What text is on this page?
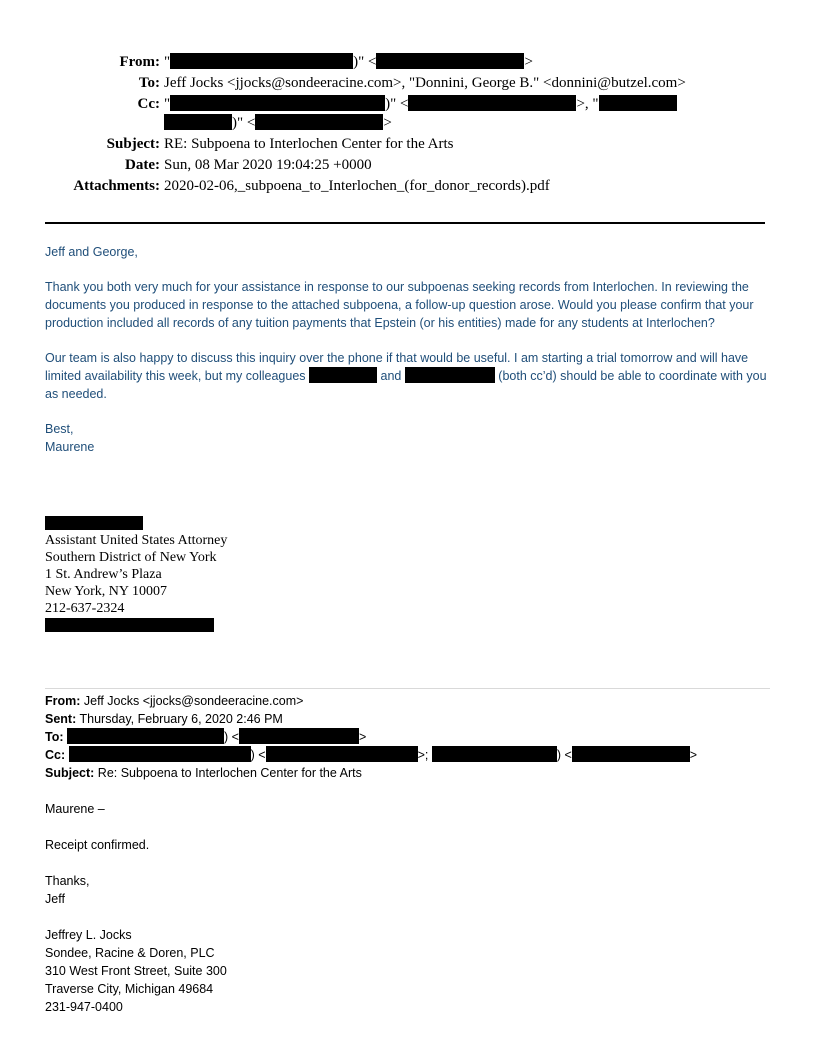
From: "	)" <	>
To: Jeff Jocks <jjocks@sondeeracine.com>, "Donnini, George B." <donnini@butzel.com>
Cc: "	)" <	>, "
)" <	>
Subject: RE: Subpoena to Interlochen Center for the Arts
Date: Sun, 08 Mar 2020 19:04:25 +0000
Attachments: 2020-02-06,_subpoena_to_Interlochen_(for_donor_records).pdf

Jeff and George,

Thank you both very much for your assistance in response to our subpoenas seeking records from Interlochen. In reviewing the documents you produced in response to the attached subpoena, a follow-up question arose. Would you please confirm that your production included all records of any tuition payments that Epstein (or his entities) made for any students at Interlochen?

Our team is also happy to discuss this inquiry over the phone if that would be useful. I am starting a trial tomorrow and will have limited availability this week, but my colleagues	and	(both cc’d) should be able to coordinate with you as needed.

Best,
Maurene
Assistant United States Attorney
Southern District of New York
1 St. Andrew’s Plaza
New York, NY 10007
212-637-2324
From: Jeff Jocks <jjocks@sondeeracine.com>
Sent: Thursday, February 6, 2020 2:46 PM
To:	) <	>
Cc:	) <	>;	) <	>
Subject: Re: Subpoena to Interlochen Center for the Arts
Maurene –
Receipt confirmed.
Thanks,
Jeff
Jeffrey L. Jocks
Sondee, Racine & Doren, PLC
310 West Front Street, Suite 300
Traverse City, Michigan 49684
231-947-0400
